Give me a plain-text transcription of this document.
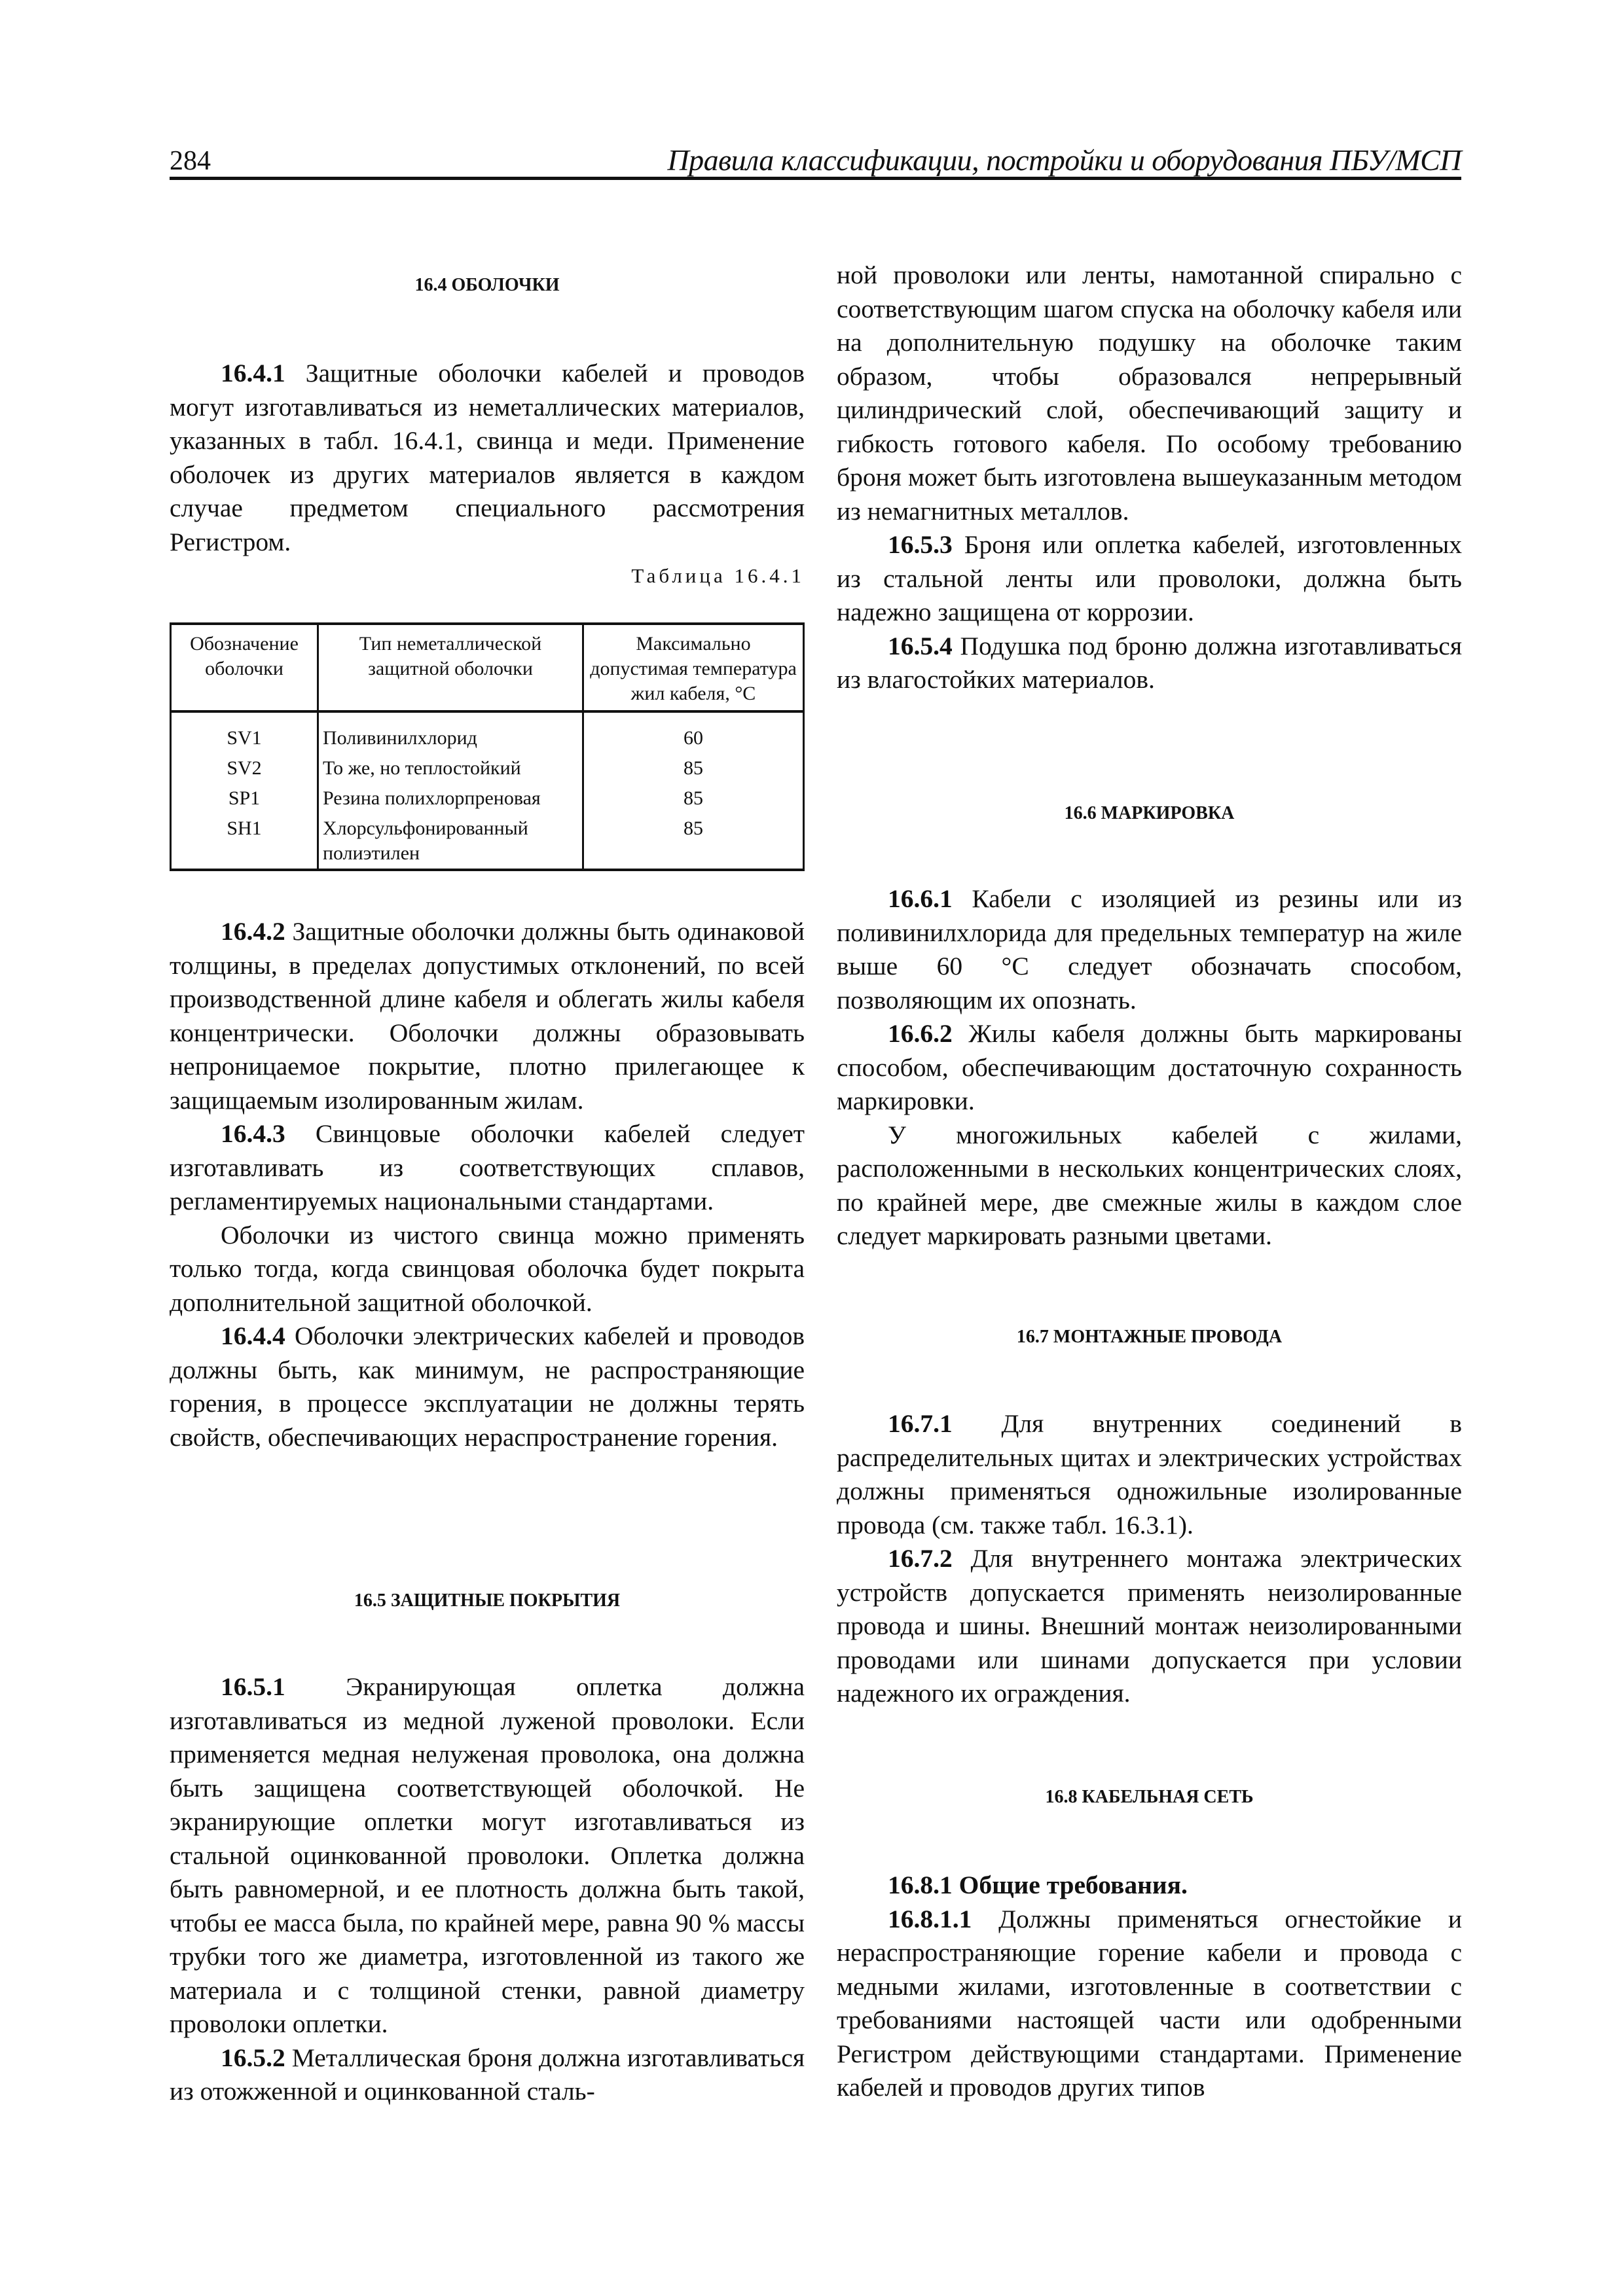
284	Правила классификации, постройки и оборудования ПБУ/МСП
16.4 ОБОЛОЧКИ

16.4.1 Защитные оболочки кабелей и проводов могут изготавливаться из неметаллических материалов, указанных в табл. 16.4.1, свинца и меди. Применение оболочек из других материалов является в каждом случае предметом специального рассмотрения Регистром.

Таблица 16.4.1
Обозначение оболочки	Тип неметаллической защитной оболочки	Максимально допустимая температура жил кабеля, °С
SV1	Поливинилхлорид	60
SV2	То же, но теплостойкий	85
SP1	Резина полихлорпреновая	85
SH1	Хлорсульфонированный полиэтилен	85

16.4.2 Защитные оболочки должны быть одинаковой толщины, в пределах допустимых отклонений, по всей производственной длине кабеля и облегать жилы кабеля концентрически. Оболочки должны образовывать непроницаемое покрытие, плотно прилегающее к защищаемым изолированным жилам.

16.4.3 Свинцовые оболочки кабелей следует изготавливать из соответствующих сплавов, регламентируемых национальными стандартами.

Оболочки из чистого свинца можно применять только тогда, когда свинцовая оболочка будет покрыта дополнительной защитной оболочкой.

16.4.4 Оболочки электрических кабелей и проводов должны быть, как минимум, не распространяющие горения, в процессе эксплуатации не должны терять свойств, обеспечивающих нераспространение горения.

16.5 ЗАЩИТНЫЕ ПОКРЫТИЯ

16.5.1 Экранирующая оплетка должна изготавливаться из медной луженой проволоки. Если применяется медная нелуженая проволока, она должна быть защищена соответствующей оболочкой. Не экранирующие оплетки могут изготавливаться из стальной оцинкованной проволоки. Оплетка должна быть равномерной, и ее плотность должна быть такой, чтобы ее масса была, по крайней мере, равна 90 % массы трубки того же диаметра, изготовленной из такого же материала и с толщиной стенки, равной диаметру проволоки оплетки.

16.5.2 Металлическая броня должна изготавливаться из отожженной и оцинкованной сталь-

ной проволоки или ленты, намотанной спирально с соответствующим шагом спуска на оболочку кабеля или на дополнительную подушку на оболочке таким образом, чтобы образовался непрерывный цилиндрический слой, обеспечивающий защиту и гибкость готового кабеля. По особому требованию броня может быть изготовлена вышеуказанным методом из немагнитных металлов.

16.5.3 Броня или оплетка кабелей, изготовленных из стальной ленты или проволоки, должна быть надежно защищена от коррозии.

16.5.4 Подушка под броню должна изготавливаться из влагостойких материалов.

16.6 МАРКИРОВКА

16.6.1 Кабели с изоляцией из резины или из поливинилхлорида для предельных температур на жиле выше 60 °С следует обозначать способом, позволяющим их опознать.

16.6.2 Жилы кабеля должны быть маркированы способом, обеспечивающим достаточную сохранность маркировки.

У многожильных кабелей с жилами, расположенными в нескольких концентрических слоях, по крайней мере, две смежные жилы в каждом слое следует маркировать разными цветами.

16.7 МОНТАЖНЫЕ ПРОВОДА

16.7.1 Для внутренних соединений в распределительных щитах и электрических устройствах должны применяться одножильные изолированные провода (см. также табл. 16.3.1).

16.7.2 Для внутреннего монтажа электрических устройств допускается применять неизолированные провода и шины. Внешний монтаж неизолированными проводами или шинами допускается при условии надежного их ограждения.

16.8 КАБЕЛЬНАЯ СЕТЬ

16.8.1 Общие требования.

16.8.1.1 Должны применяться огнестойкие и нераспространяющие горение кабели и провода с медными жилами, изготовленные в соответствии с требованиями настоящей части или одобренными Регистром действующими стандартами. Применение кабелей и проводов других типов
